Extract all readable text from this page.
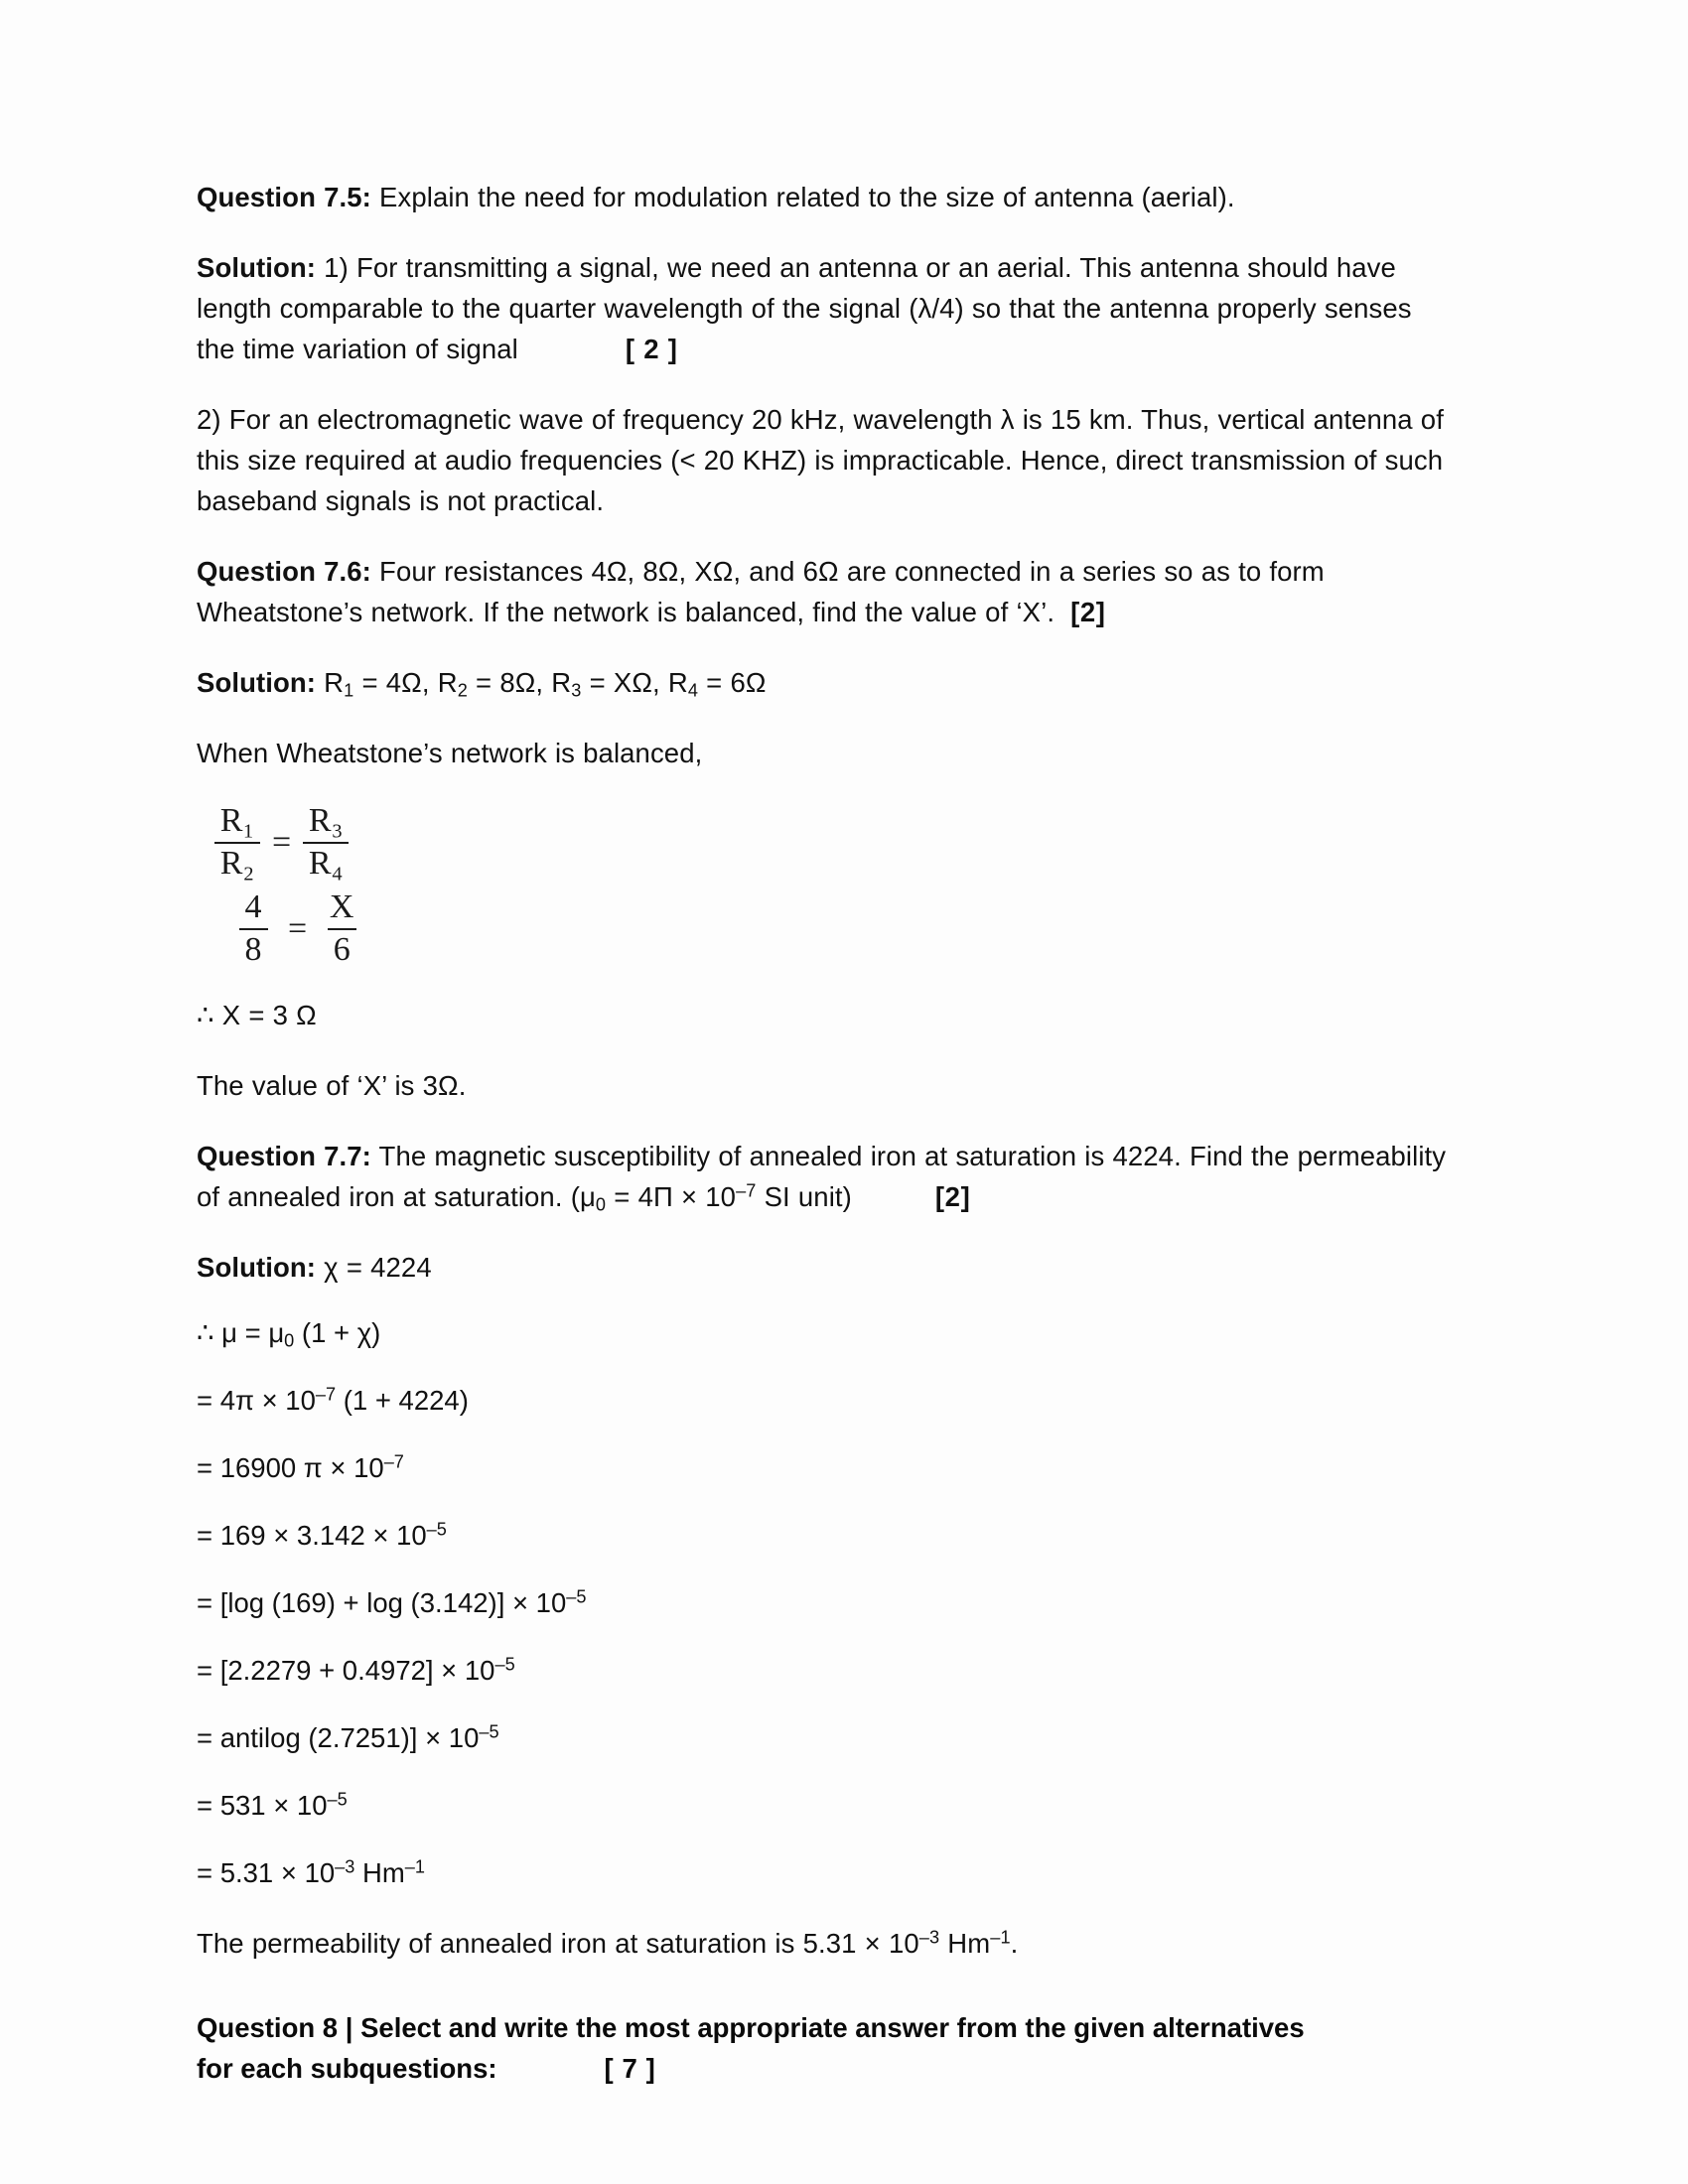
Question 7.5: Explain the need for modulation related to the size of antenna (aerial).

Solution: 1) For transmitting a signal, we need an antenna or an aerial. This antenna should have length comparable to the quarter wavelength of the signal (λ/4) so that the antenna properly senses the time variation of signal	[ 2 ]

2) For an electromagnetic wave of frequency 20 kHz, wavelength λ is 15 km. Thus, vertical antenna of this size required at audio frequencies (< 20 KHZ) is impracticable. Hence, direct transmission of such baseband signals is not practical.

Question 7.6: Four resistances 4Ω, 8Ω, XΩ, and 6Ω are connected in a series so as to form Wheatstone’s network. If the network is balanced, find the value of ‘X’. [2]

Solution: $R_1 = 4\Omega$, $R_2 = 8\Omega$, $R_3 = X\Omega$, $R_4 = 6\Omega$

When Wheatstone’s network is balanced,

$\frac{\text{R₁}}{\text{R₂}} = \frac{\text{R₃}}{\text{R₄}}$
$\frac{4}{8} = \frac{X}{6}$

∴ X = 3 Ω

The value of ‘X’ is 3Ω.

Question 7.7: The magnetic susceptibility of annealed iron at saturation is 4224. Find the permeability of annealed iron at saturation. ($\mu_0 = 4П \times 10^{-7}$ SI unit)	[2]

Solution: χ = 4224

∴ $\mu = \mu_0$ (1 + χ)

= $4\pi \times 10^{-7}$ (1 + 4224)

= 16900 $\pi \times 10^{-7}$

= $169 \times 3.142 \times 10^{-5}$

= [log $(169) + \log (3.142)] \times 10^{-5}$

= $[2.2279 + 0.4972] \times 10^{-5}$

= antilog $(2.7251)] \times 10^{-5}$

= $531 \times 10^{-5}$

= $5.31 \times 10^{-3}$ $Hm^{-1}$

The permeability of annealed iron at saturation is $5.31 \times 10^{-3}$ $Hm^{-1}$.

Question 8 | Select and write the most appropriate answer from the given alternatives
for each subquestions:	[ 7 ]
